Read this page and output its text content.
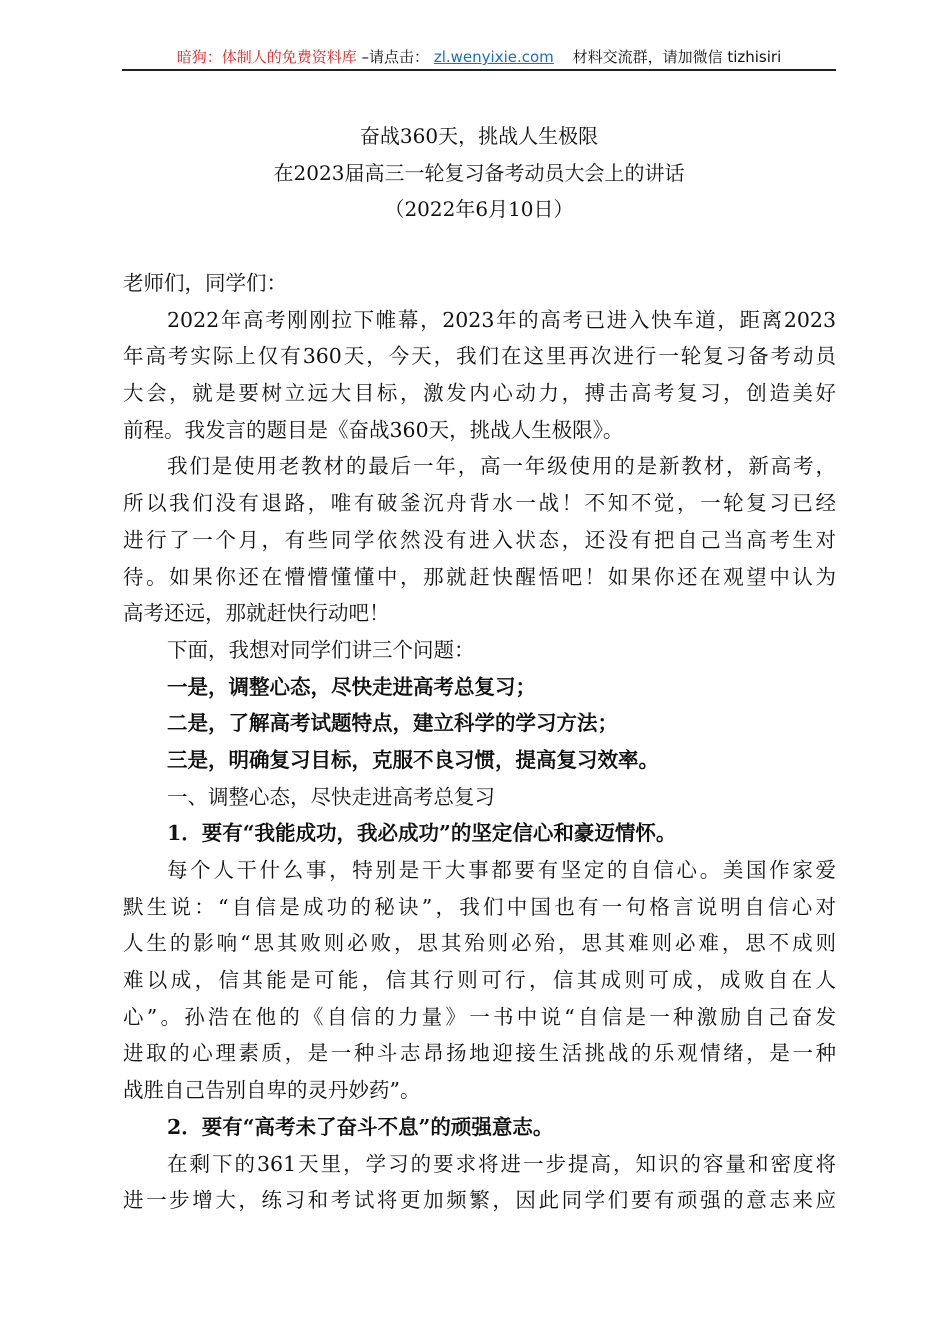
暗狗：体制人的免费资料库 –请点击： zl.wenyixie.com 材料交流群，请加微信 tizhisiri
奋战360天，挑战人生极限
在2023届高三一轮复习备考动员大会上的讲话
（2022年6月10日）
老师们，同学们：
2022年高考刚刚拉下帷幕，2023年的高考已进入快车道，距离2023
年高考实际上仅有360天，今天，我们在这里再次进行一轮复习备考动员
大会，就是要树立远大目标，激发内心动力，搏击高考复习，创造美好
前程。我发言的题目是《奋战360天，挑战人生极限》。
我们是使用老教材的最后一年，高一年级使用的是新教材，新高考，
所以我们没有退路，唯有破釜沉舟背水一战！不知不觉，一轮复习已经
进行了一个月，有些同学依然没有进入状态，还没有把自己当高考生对
待。如果你还在懵懵懂懂中，那就赶快醒悟吧！如果你还在观望中认为
高考还远，那就赶快行动吧！
下面，我想对同学们讲三个问题：
一是，调整心态，尽快走进高考总复习；
二是，了解高考试题特点，建立科学的学习方法；
三是，明确复习目标，克服不良习惯，提高复习效率。
一、调整心态，尽快走进高考总复习
1．要有“我能成功，我必成功”的坚定信心和豪迈情怀。
每个人干什么事，特别是干大事都要有坚定的自信心。美国作家爱
默生说：“自信是成功的秘诀”，我们中国也有一句格言说明自信心对
人生的影响“思其败则必败，思其殆则必殆，思其难则必难，思不成则
难以成，信其能是可能，信其行则可行，信其成则可成，成败自在人
心”。孙浩在他的《自信的力量》一书中说“自信是一种激励自己奋发
进取的心理素质，是一种斗志昂扬地迎接生活挑战的乐观情绪，是一种
战胜自己告别自卑的灵丹妙药”。
2．要有“高考未了奋斗不息”的顽强意志。
在剩下的361天里，学习的要求将进一步提高，知识的容量和密度将
进一步增大，练习和考试将更加频繁，因此同学们要有顽强的意志来应
